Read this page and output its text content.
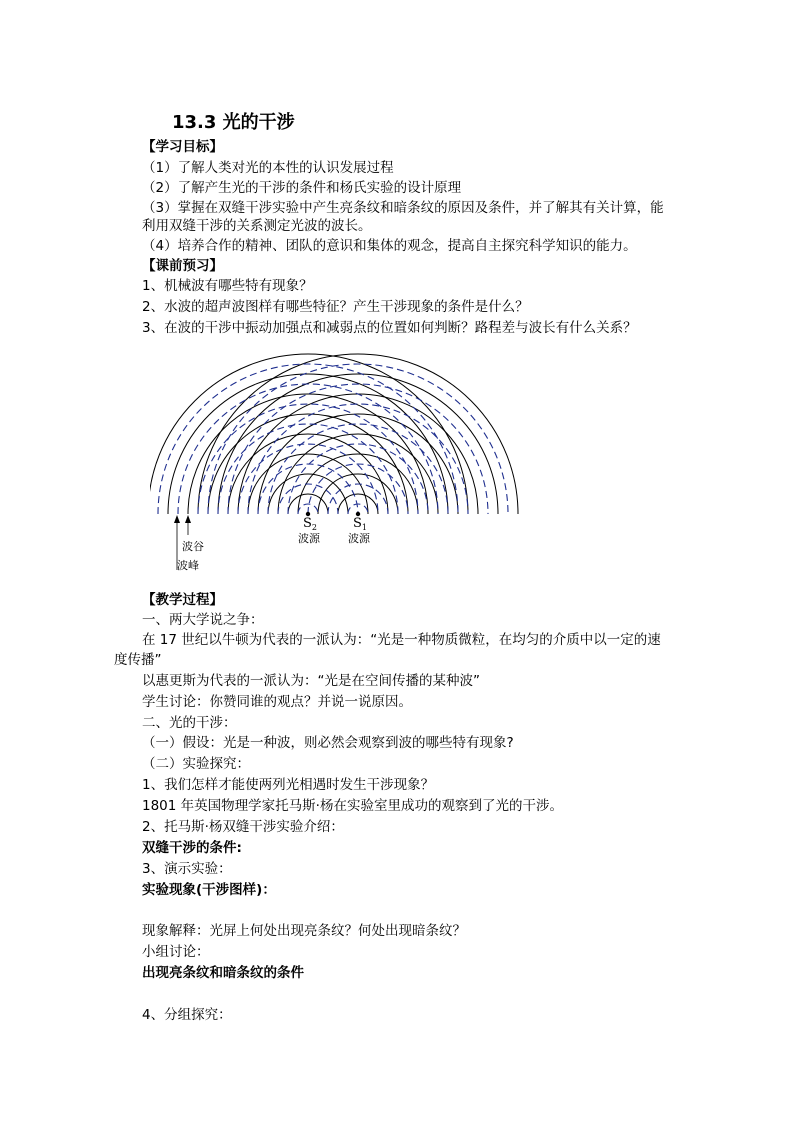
13.3 光的干涉
【学习目标】
（1）了解人类对光的本性的认识发展过程
（2）了解产生光的干涉的条件和杨氏实验的设计原理
（3）掌握在双缝干涉实验中产生亮条纹和暗条纹的原因及条件，并了解其有关计算，能
利用双缝干涉的关系测定光波的波长。
（4）培养合作的精神、团队的意识和集体的观念，提高自主探究科学知识的能力。
【课前预习】
1、机械波有哪些特有现象？
2、水波的超声波图样有哪些特征？产生干涉现象的条件是什么？
3、在波的干涉中振动加强点和减弱点的位置如何判断？路程差与波长有什么关系？
$S_2$	$S_1$
波源	波源
波谷
波峰
【教学过程】
一、两大学说之争：
在 17 世纪以牛顿为代表的一派认为：“光是一种物质微粒，在均匀的介质中以一定的速
度传播”
以惠更斯为代表的一派认为：“光是在空间传播的某种波”
学生讨论：你赞同谁的观点？并说一说原因。
二、光的干涉：
（一）假设：光是一种波，则必然会观察到波的哪些特有现象?
（二）实验探究：
1、我们怎样才能使两列光相遇时发生干涉现象？
1801 年英国物理学家托马斯·杨在实验室里成功的观察到了光的干涉。
2、托马斯·杨双缝干涉实验介绍：
双缝干涉的条件:
3、演示实验：
实验现象(干涉图样)：
现象解释：光屏上何处出现亮条纹？何处出现暗条纹？
小组讨论：
出现亮条纹和暗条纹的条件
4、分组探究：
